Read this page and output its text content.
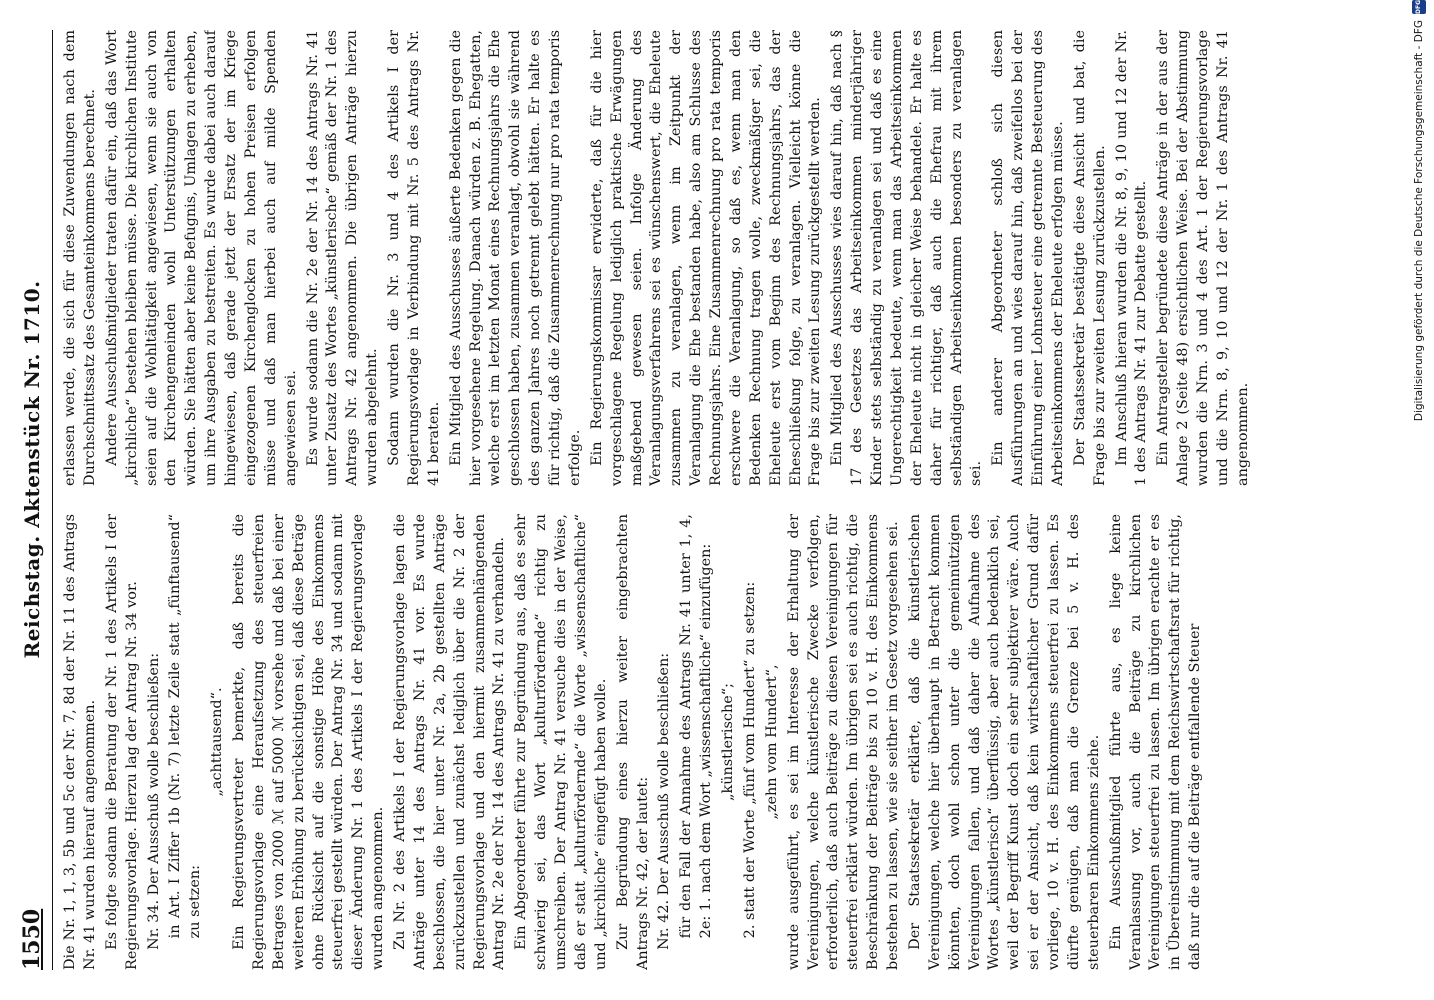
1550
Reichstag. Aktenstück Nr. 1710.

Die Nr. 1, 1, 3, 5b und 5c der Nr. 7, 8d der Nr. 11 des Antrags Nr. 41 wurden hierauf angenommen. Es folgte sodann die Beratung der Nr. 1 des Artikels I der Regierungsvorlage. Hierzu lag der Antrag Nr. 34 vor. Nr. 34. Der Ausschuß wolle beschließen: in Art. I Ziffer 1b (Nr. 7) letzte Zeile statt „fünftausend“ zu setzen:

„achttausend“. Ein Regierungsvertreter bemerkte, daß bereits die Regierungsvorlage eine Heraufsetzung des steuerfreien Betrages von 2000 ℳ auf 5000 ℳ vorsehe und daß bei einer weiteren Erhöhung zu berücksichtigen sei, daß diese Beträge ohne Rücksicht auf die sonstige Höhe des Einkommens steuerfrei gestellt würden. Der Antrag Nr. 34 und sodann mit dieser Änderung Nr. 1 des Artikels I der Regierungsvorlage wurden angenommen. Zu Nr. 2 des Artikels I der Regierungsvorlage lagen die Anträge unter 14 des Antrags Nr. 41 vor. Es wurde beschlossen, die hier unter Nr. 2a, 2b gestellten Anträge zurückzustellen und zunächst lediglich über die Nr. 2 der Regierungsvorlage und den hiermit zusammenhängenden Antrag Nr. 2e der Nr. 14 des Antrags Nr. 41 zu verhandeln. Ein Abgeordneter führte zur Begründung aus, daß es sehr schwierig sei, das Wort „kulturfördernde“ richtig zu umschreiben. Der Antrag Nr. 41 versuche dies in der Weise, daß er statt „kulturfördernde“ die Worte „wissenschaftliche“ und „kirchliche“ eingefügt haben wolle. Zur Begründung eines hierzu weiter eingebrachten Antrags Nr. 42, der lautet: Nr. 42. Der Ausschuß wolle beschließen: für den Fall der Annahme des Antrags Nr. 41 unter 1, 4, 2e: 1. nach dem Wort „wissenschaftliche“ einzufügen: „künstlerische“; 2. statt der Worte „fünf vom Hundert“ zu setzen: „zehn vom Hundert“, wurde ausgeführt, es sei im Interesse der Erhaltung der Vereinigungen, welche künstlerische Zwecke verfolgen, erforderlich, daß auch Beiträge zu diesen Vereinigungen für steuerfrei erklärt würden. Im übrigen sei es auch richtig, die Beschränkung der Beiträge bis zu 10 v. H. des Einkommens bestehen zu lassen, wie sie seither im Gesetz vorgesehen sei. Der Staatssekretär erklärte, daß die künstlerischen Vereinigungen, welche hier überhaupt in Betracht kommen könnten, doch wohl schon unter die gemeinnützigen Vereinigungen fallen, und daß daher die Aufnahme des Wortes „künstlerisch“ überflüssig, aber auch bedenklich sei, weil der Begriff Kunst doch ein sehr subjektiver wäre. Auch sei er der Ansicht, daß kein wirtschaftlicher Grund dafür vorliege, 10 v. H. des Einkommens steuerfrei zu lassen. Es dürfte genügen, daß man die Grenze bei 5 v. H. des steuerbaren Einkommens ziehe. Ein Ausschußmitglied führte aus, es liege keine Veranlassung vor, auch die Beiträge zu kirchlichen Vereinigungen steuerfrei zu lassen. Im übrigen erachte er es in Übereinstimmung mit dem Reichswirtschaftsrat für richtig, daß nur die auf die Beiträge entfallende Steuer

erlassen werde, die sich für diese Zuwendungen nach dem Durchschnittssatz des Gesamteinkommens berechnet. Andere Ausschußmitglieder traten dafür ein, daß das Wort „kirchliche“ bestehen bleiben müsse. Die kirchlichen Institute seien auf die Wohltätigkeit angewiesen, wenn sie auch von den Kirchengemeinden wohl Unterstützungen erhalten würden. Sie hätten aber keine Befugnis, Umlagen zu erheben, um ihre Ausgaben zu bestreiten. Es wurde dabei auch darauf hingewiesen, daß gerade jetzt der Ersatz der im Kriege eingezogenen Kirchenglocken zu hohen Preisen erfolgen müsse und daß man hierbei auch auf milde Spenden angewiesen sei. Es wurde sodann die Nr. 2e der Nr. 14 des Antrags Nr. 41 unter Zusatz des Wortes „künstlerische“ gemäß der Nr. 1 des Antrags Nr. 42 angenommen. Die übrigen Anträge hierzu wurden abgelehnt. Sodann wurden die Nr. 3 und 4 des Artikels I der Regierungsvorlage in Verbindung mit Nr. 5 des Antrags Nr. 41 beraten. Ein Mitglied des Ausschusses äußerte Bedenken gegen die hier vorgesehene Regelung. Danach würden z. B. Ehegatten, welche erst im letzten Monat eines Rechnungsjahrs die Ehe geschlossen haben, zusammen veranlagt, obwohl sie während des ganzen Jahres noch getrennt gelebt hätten. Er halte es für richtig, daß die Zusammenrechnung nur pro rata temporis erfolge. Ein Regierungskommissar erwiderte, daß für die hier vorgeschlagene Regelung lediglich praktische Erwägungen maßgebend gewesen seien. Infolge Änderung des Veranlagungsverfahrens sei es wünschenswert, die Eheleute zusammen zu veranlagen, wenn im Zeitpunkt der Veranlagung die Ehe bestanden habe, also am Schlusse des Rechnungsjahrs. Eine Zusammenrechnung pro rata temporis erschwere die Veranlagung, so daß es, wenn man den Bedenken Rechnung tragen wolle, zweckmäßiger sei, die Eheleute erst vom Beginn des Rechnungsjahrs, das der Eheschließung folge, zu veranlagen. Vielleicht könne die Frage bis zur zweiten Lesung zurückgestellt werden. Ein Mitglied des Ausschusses wies darauf hin, daß nach § 17 des Gesetzes das Arbeitseinkommen minderjähriger Kinder stets selbständig zu veranlagen sei und daß es eine Ungerechtigkeit bedeute, wenn man das Arbeitseinkommen der Eheleute nicht in gleicher Weise behandele. Er halte es daher für richtiger, daß auch die Ehefrau mit ihrem selbständigen Arbeitseinkommen besonders zu veranlagen sei.

Ein anderer Abgeordneter schloß sich diesen Ausführungen an und wies darauf hin, daß zweifellos bei der Einführung einer Lohnsteuer eine getrennte Besteuerung des Arbeitseinkommens der Eheleute erfolgen müsse. Der Staatssekretär bestätigte diese Ansicht und bat, die Frage bis zur zweiten Lesung zurückzustellen. Im Anschluß hieran wurden die Nr. 8, 9, 10 und 12 der Nr. 1 des Antrags Nr. 41 zur Debatte gestellt. Ein Antragsteller begründete diese Anträge in der aus der Anlage 2 (Seite 48) ersichtlichen Weise. Bei der Abstimmung wurden die Nrn. 3 und 4 des Art. 1 der Regierungsvorlage und die Nrn. 8, 9, 10 und 12 der Nr. 1 des Antrags Nr. 41 angenommen.

Digitalisierung gefördert durch die Deutsche Forschungsgemeinschaft - DFG
DFG
